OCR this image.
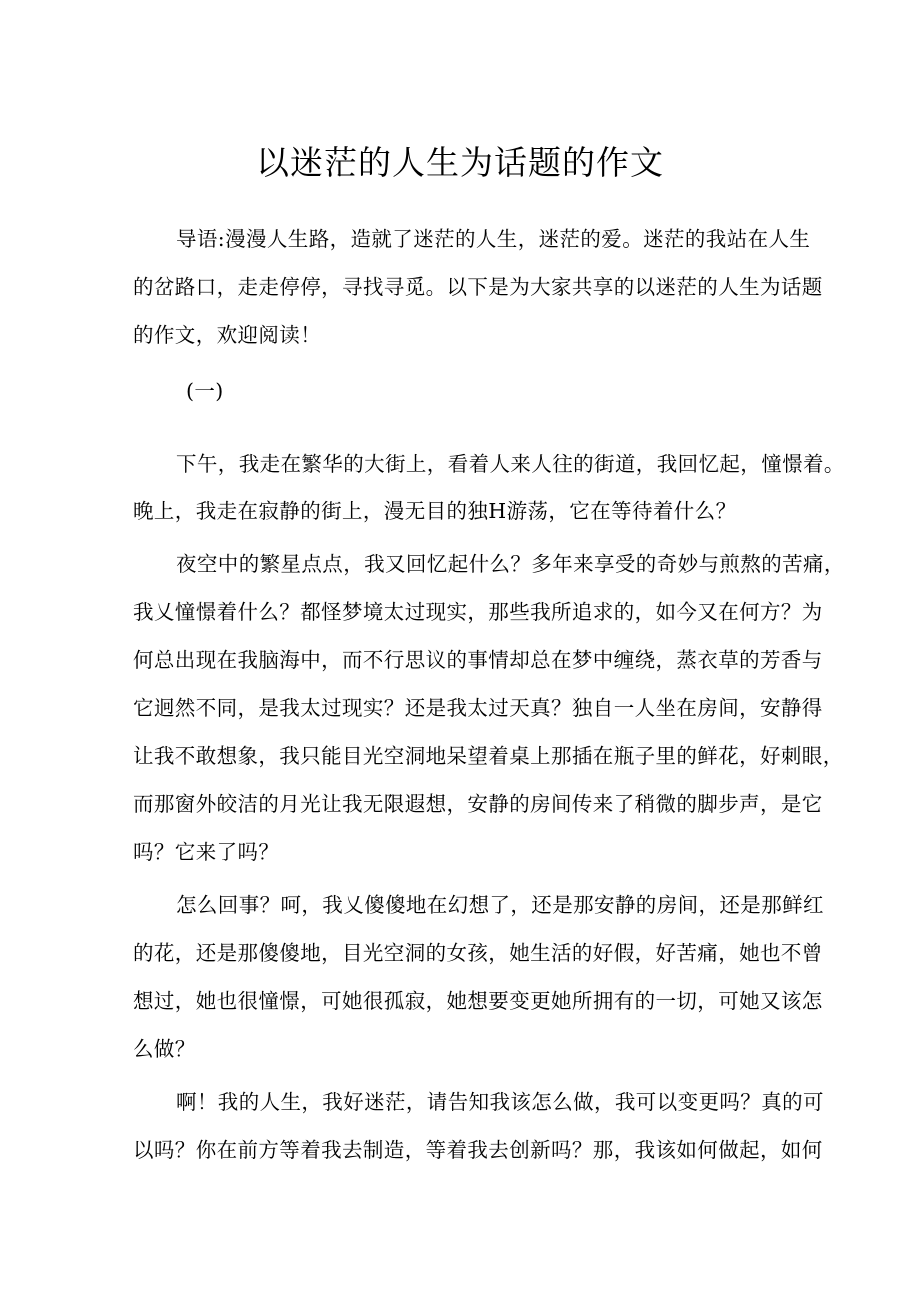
以迷茫的人生为话题的作文
导语:漫漫人生路，造就了迷茫的人生，迷茫的爱。迷茫的我站在人生
的岔路口，走走停停，寻找寻觅。以下是为大家共享的以迷茫的人生为话题
的作文，欢迎阅读！
(一)
下午，我走在繁华的大街上，看着人来人往的街道，我回忆起，憧憬着。
晚上，我走在寂静的街上，漫无目的独H游荡，它在等待着什么？
夜空中的繁星点点，我又回忆起什么？多年来享受的奇妙与煎熬的苦痛，
我乂憧憬着什么？都怪梦境太过现实，那些我所追求的，如今又在何方？为
何总出现在我脑海中，而不行思议的事情却总在梦中缠绕，蒸衣草的芳香与
它迥然不同，是我太过现实？还是我太过天真？独自一人坐在房间，安静得
让我不敢想象，我只能目光空洞地呆望着桌上那插在瓶子里的鲜花，好刺眼，
而那窗外皎洁的月光让我无限遐想，安静的房间传来了稍微的脚步声，是它
吗？它来了吗？
怎么回事？呵，我乂傻傻地在幻想了，还是那安静的房间，还是那鲜红
的花，还是那傻傻地，目光空洞的女孩，她生活的好假，好苦痛，她也不曾
想过，她也很憧憬，可她很孤寂，她想要变更她所拥有的一切，可她又该怎
么做？
啊！我的人生，我好迷茫，请告知我该怎么做，我可以变更吗？真的可
以吗？你在前方等着我去制造，等着我去创新吗？那，我该如何做起，如何
